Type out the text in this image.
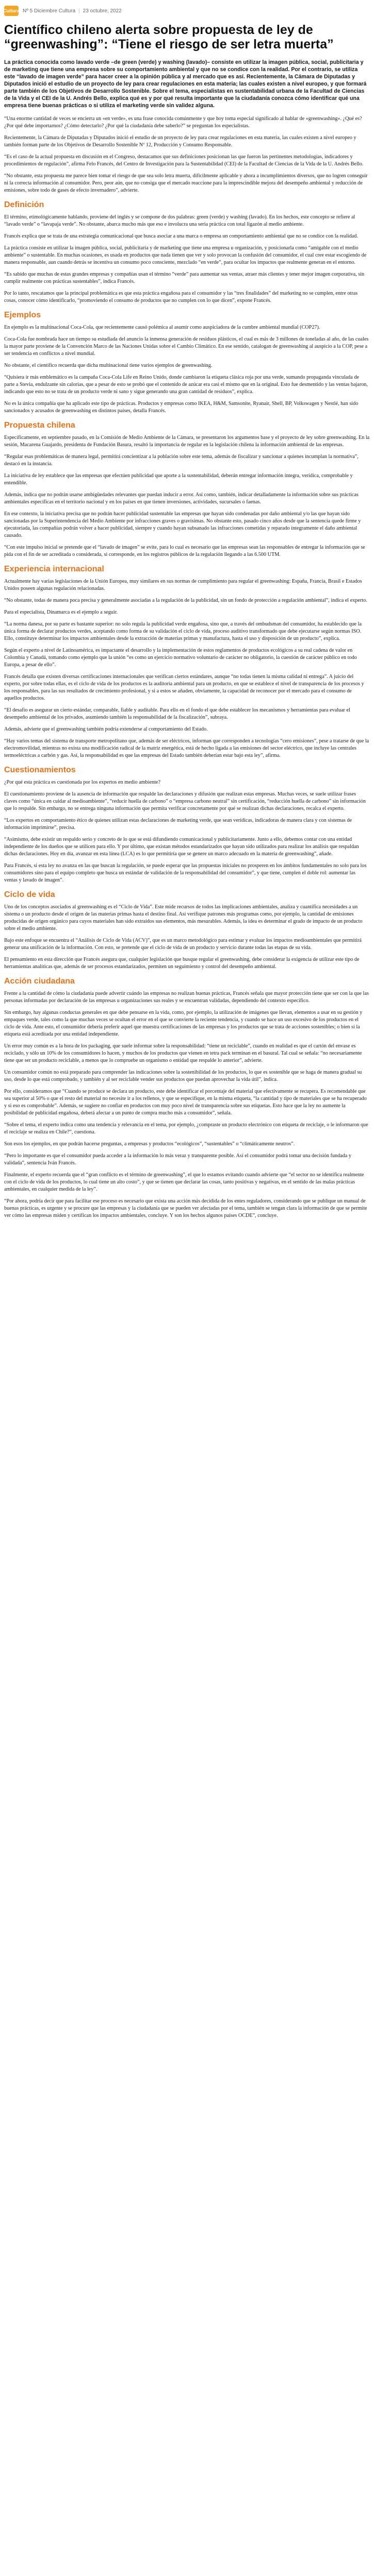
Cultura Nº 5 Diciembre Cultura | 23 octubre, 2022
Científico chileno alerta sobre propuesta de ley de “greenwashing”: “Tiene el riesgo de ser letra muerta”

La práctica conocida como lavado verde –de green (verde) y washing (lavado)– consiste en utilizar la imagen pública, social, publicitaria y de marketing que tiene una empresa sobre su comportamiento ambiental y que no se condice con la realidad. Por el contrario, se utiliza este “lavado de imagen verde” para hacer creer a la opinión pública y al mercado que es así. Recientemente, la Cámara de Diputadas y Diputados inició el estudio de un proyecto de ley para crear regulaciones en esta materia; las cuales existen a nivel europeo, y que formará parte también de los Objetivos de Desarrollo Sostenible. Sobre el tema, especialistas en sustentabilidad urbana de la Facultad de Ciencias de la Vida y el CEI de la U. Andrés Bello, explica qué es y por qué resulta importante que la ciudadanía conozca cómo identificar qué una empresa tiene buenas prácticas o si utiliza el marketing verde sin validez alguna.

“Una enorme cantidad de veces se encierra un «en verde», es una frase conocida comúnmente y que hoy toma especial significado al hablar de «greenwashing». ¿Qué es? ¿Por qué debe importarnos? ¿Cómo detectarlo? ¿Por qué la ciudadanía debe saberlo?” se preguntan los especialistas.

Recientemente, la Cámara de Diputadas y Diputados inició el estudio de un proyecto de ley para crear regulaciones en esta materia, las cuales existen a nivel europeo y también forman parte de los Objetivos de Desarrollo Sostenible Nº 12, Producción y Consumo Responsable.

“Es el caso de la actual propuesta en discusión en el Congreso, destacamos que sus definiciones posicionan las que fueron las pertinentes metodologías, indicadores y procedimientos de regulación”, afirma Felo Francés, del Centro de Investigación para la Sustentabilidad (CEI) de la Facultad de Ciencias de la Vida de la U. Andrés Bello.

“No obstante, esta propuesta me parece bien tomar el riesgo de que sea solo letra muerta, dificilmente aplicable y ahora a incumplimientos diversos, que no logren conseguir ni la correcta información al consumidor. Pero, peor aún, que no consiga que el mercado reaccione para la imprescindible mejora del desempeño ambiental y reducción de emisiones, sobre todo de gases de efecto invernadero”, advierte.

Definición

El término, etimológicamente hablando, proviene del inglés y se compone de dos palabras: green (verde) y washing (lavado). En los hechos, este concepto se refiere al “lavado verde” o “lavapaja verde”. No obstante, abarca mucho más que eso e involucra una seria práctica con total ligazón al medio ambiente.

Francés explica que se trata de una estrategia comunicacional que busca asociar a una marca o empresa un comportamiento ambiental que no se condice con la realidad.

La práctica consiste en utilizar la imagen pública, social, publicitaria y de marketing que tiene una empresa u organización, y posicionarla como “amigable con el medio ambiente” o sustentable. En muchas ocasiones, es usada en productos que nada tienen que ver y solo provocan la confusión del consumidor, el cual cree estar escogiendo de manera responsable, aun cuando detrás se incentiva un consumo poco consciente, mezclado “en verde”, para ocultar los impactos que realmente generan en el entorno.

“Es sabido que muchas de estas grandes empresas y compañías usan el término “verde” para aumentar sus ventas, atraer más clientes y tener mejor imagen corporativa, sin cumplir realmente con prácticas sustentables”, indica Francés.

Por lo tanto, rescatamos que la principal problemática es que esta práctica engañosa para el consumidor y las “tres finalidades” del marketing no se cumplen, entre otras cosas, conocer cómo identificarlo, “promoviendo el consumo de productos que no cumplen con lo que dicen”, expone Francés.

Ejemplos

En ejemplo es la multinacional Coca-Cola, que recientemente causó polémica al asumir como auspiciadora de la cumbre ambiental mundial (COP27).

Coca-Cola fue nombrada hace un tiempo su estudiada del anuncio la inmensa generación de residuos plásticos, el cual es más de 3 millones de toneladas al año, de las cuales la mayor parte proviene de la Convención Marco de las Naciones Unidas sobre el Cambio Climático. En ese sentido, catalogan de greenwashing al auspicio a la COP, pese a ser tendencia en conflictos a nivel mundial.

No obstante, el científico recuerda que dicha multinacional tiene varios ejemplos de greenwashing.

“Quisiera ir más emblemático es la campaña Coca-Cola Life en Reino Unido, donde cambiaron la etiqueta clásica roja por una verde, sumando propaganda vinculada de parte a Stevia, endulzante sin calorías, que a pesar de esto se probó que el contenido de azúcar era casi el mismo que en la original. Esto fue desmentido y las ventas bajaron, indicando que esto no se trata de un producto verde ni sano y sigue generando una gran cantidad de residuos”, explica.

No es la única compañía que ha aplicado este tipo de prácticas. Productos y empresas como IKEA, H&M, Samsonite, Ryanair, Shell, BP, Volkswagen y Nestlé, han sido sancionados y acusados de greenwashing en distintos países, detalla Francés.

Propuesta chilena

Específicamente, en septiembre pasado, en la Comisión de Medio Ambiente de la Cámara, se presentaron los argumentos base y el proyecto de ley sobre greenwashing. En la sesión, Macarena Guajardo, presidenta de Fundación Basura, resaltó la importancia de regular en la legislación chilena la información ambiental de las empresas.

“Regular esas problemáticas de manera legal, permitirá concientizar a la población sobre este tema, además de fiscalizar y sancionar a quienes incumplan la normativa”, destacó en la instancia.

La iniciativa de ley establece que las empresas que efectúen publicidad que aporte a la sustentabilidad, deberán entregar información íntegra, verídica, comprobable y entendible.

Además, indica que no podrán usarse ambigüedades relevantes que puedan inducir a error. Así como, también, indicar detalladamente la información sobre sus prácticas ambientales específicas en el territorio nacional y en los países en que tienen inversiones, actividades, sucursales o faenas.

En ese contexto, la iniciativa precisa que no podrán hacer publicidad sustentable las empresas que hayan sido condenadas por daño ambiental y/o las que hayan sido sancionadas por la Superintendencia del Medio Ambiente por infracciones graves o gravísimas. No obstante esto, pasado cinco años desde que la sentencia quede firme y ejecutoriada, las compañías podrán volver a hacer publicidad, siempre y cuando hayan subsanado las infracciones cometidas y reparado íntegramente el daño ambiental causado.

“Con este impulso inicial se pretende que el “lavado de imagen” se evite, para lo cual es necesario que las empresas sean las responsables de entregar la información que se pida con el fin de ser acreditada o considerada, si corresponde, en los registros públicos de la regulación llegando a las 6.500 UTM.

Experiencia internacional

Actualmente hay varias legislaciones de la Unión Europea, muy similares en sus normas de cumplimiento para regular el greenwashing: España, Francia, Brasil e Estados Unidos poseen algunas regulación relacionadas.

“No obstante, todas de manera poca precisa y generalmente asociadas a la regulación de la publicidad, sin un fondo de protección a regulación ambiental”, indica el experto.

Para el especialista, Dinamarca es el ejemplo a seguir.

“La norma danesa, por su parte es bastante superior: no solo regula la publicidad verde engañosa, sino que, a través del ombudsman del consumidor, ha establecido que la única forma de declarar productos verdes, aceptando como forma de su validación el ciclo de vida, proceso auditivo transformado que debe ejecutarse según normas ISO. Ello, constituye determinar los impactos ambientales desde la extracción de materias primas y manufactura, hasta el uso y disposición de un producto”, explica.

Según el experto a nivel de Latinoamérica, es impactante el desarrollo y la implementación de estos reglamentos de productos ecológicos a su real cadena de valor en Colombia y Canadá, tomando como ejemplo que la unión “es como un ejercicio normativo voluntario de carácter no obligatorio, la cuestión de carácter público en todo Europa, a pesar de ello”.

Francés detalla que existen diversas certificaciones internacionales que verifican ciertos estándares, aunque “no todas tienen la misma calidad ni entrega”. A juicio del experto, por sobre todas ellas, es el ciclo de vida de los productos es la auditoria ambiental para un producto, en que se establece el nivel de transparencia de los procesos y los responsables, para las sus resultados de crecimiento profesional, y si a estos se añaden, obviamente, la capacidad de reconocer por el mercado para el consumo de aquellos productos.

“El desafío es asegurar un cierto estándar, comparable, fiable y auditable. Para ello en el fondo el que debe establecer los mecanismos y herramientas para evaluar el desempeño ambiental de los privados, asumiendo también la responsabilidad de la fiscalización”, subraya.

Además, advierte que el greenwashing también podría extenderse al comportamiento del Estado.

“Hay varios temas del sistema de transporte metropolitano que, además de ser eléctricos, informan que corresponden a tecnologías “cero emisiones”, pese a tratarse de que la electromovilidad, mientras no exista una modificación radical de la matriz energética, está de hecho ligada a las emisiones del sector eléctrico, que incluye las centrales termoeléctricas a carbón y gas. Así, la responsabilidad es que las empresas del Estado también deberían estar bajo esta ley”, afirma.

Cuestionamientos

¿Por qué esta práctica es cuestionada por los expertos en medio ambiente?

El cuestionamiento proviene de la ausencia de información que respalde las declaraciones y difusión que realizan estas empresas. Muchas veces, se suele utilizar frases claves como “única en cuidar al medioambiente”, “reducir huella de carbono” o “empresa carbono neutral” sin certificación, “reducción huella de carbono” sin información que lo respalde. Sin embargo, no se entrega ninguna información que permita verificar concretamente por qué se realizan dichas declaraciones, recalca el experto.

“Los expertos en comportamiento ético de quienes utilizan estas declaraciones de marketing verde, que sean verídicas, indicadoras de manera clara y con sistemas de información imprimirse”, precisa.

“Asimismo, debe existir un respaldo serio y concreto de lo que se está difundiendo comunicacional y publicitariamente. Junto a ello, debemos contar con una entidad independiente de los dueños que se utilicen para ello. Y por último, que existan métodos estandarizados que hayan sido utilizados para realizar los análisis que respaldan dichas declaraciones. Hoy en día, avanzar en esta línea (LCA) es lo que permitiría que se genere un marco adecuado en la materia de greenwashing”, añade.

Para Francés, si esta ley no avanza en las que buscan la regulación, se puede esperar que las propuestas iniciales no prosperen en los ámbitos fundamentales no solo para los consumidores sino para el equipo completo que busca un estándar de validación de la responsabilidad del consumidor”, y que tiene, cumplen el doble rol: aumentar las ventas y lavado de imagen”.

Ciclo de vida

Uno de los conceptos asociados al greenwashing es el “Ciclo de Vida”. Este mide recursos de todos las implicaciones ambientales, analiza y cuantifica necesidades a un sistema o un producto desde el origen de las materias primas hasta el destino final. Así verifique patrones más programas como, por ejemplo, la cantidad de emisiones producidas de origen orgánico para cuyos materiales han sido extraídos sus elementos, más mesurables. Además, la idea es determinar el grado de impacto de un producto sobre el medio ambiente.

Bajo este enfoque se encuentra el “Análisis de Ciclo de Vida (ACV)”, que es un marco metodológico para estimar y evaluar los impactos medioambientales que permitirá generar una unificación de la información. Con esto, se pretende que el ciclo de vida de un producto y servicio durante todas las etapas de su vida.

El pensamiento en esta dirección que Francés asegura que, cualquier legislación que busque regular el greenwashing, debe considerar la exigencia de utilizar este tipo de herramientas analíticas que, además de ser procesos estandarizados, permiten un seguimiento y control del desempeño ambiental.

Acción ciudadana

Frente a la cantidad de cómo la ciudadanía puede advertir cuándo las empresas no realizan buenas prácticas, Francés señala que mayor protección tiene que ser con la que las personas informadas por declaración de las empresas u organizaciones sus reales y se encuentran validadas, dependiendo del contexto específico.

Sin embargo, hay algunas conductas generales en que debe pensarse en la vida, como, por ejemplo, la utilización de imágenes que llevan, elementos a usar en su gestión y empaques verde, tales como la que muchas veces se ocultan el error en el que se convierte la reciente tendencia, y cuando se hace un uso excesivo de los productos en el ciclo de vida. Ante esto, el consumidor debería preferir aquel que muestra certificaciones de las empresas y los productos que se trata de acciones sostenibles; o bien si la etiqueta está acreditada por una entidad independiente.

Un error muy común es a la hora de los packaging, que suele informar sobre la responsabilidad: “tiene un reciclable”, cuando en realidad es que el cartón del envase es reciclado, y sólo un 10% de los consumidores lo hacen, y muchos de los productos que vienen en tetra pack terminan en el basural. Tal cual se señala: “no necesariamente tiene que ser un producto reciclable, a menos que lo compruebe un organismo o entidad que respalde lo anterior”, advierte.

Un consumidor común no está preparado para comprender las indicaciones sobre la sostenibilidad de los productos, lo que es sostenible que se haga de manera gradual su uso, desde lo que está comprobado, y también y al ser reciclable vender sus productos que puedan aprovechar la vida útil”, indica.

Por ello, consideramos que “Cuando se produce se declara un producto, este debe identificar el porcentaje del material que efectivamente se recupera. Es recomendable que sea superior al 50% o que el resto del material no necesite ir a los rellenos, y que se especifique, en la misma etiqueta, “la cantidad y tipo de materiales que se ha recuperado y si eso es comprobable”. Además, se sugiere no confiar en productos con muy poco nivel de transparencia sobre sus etiquetas. Esto hace que la ley no aumente la posibilidad de publicidad engañosa, deberá afectar a un punto de compra mucho más a consumidor”, señala.

“Sobre el tema, el experto indica como una tendencia y relevancia en el tema, por ejemplo, ¿compraste un producto electrónico con etiqueta de reciclaje, o le informaron que el reciclaje se realiza en Chile?”, cuestiona.

Son esos los ejemplos, en que podrán hacerse preguntas, a empresas y productos “ecológicos”, “sustentables” o “climáticamente neutros”.

“Pero lo importante es que el consumidor pueda acceder a la información lo más veraz y transparente posible. Así el consumidor podrá tomar una decisión fundada y validada”, sentencia Iván Francés.

Finalmente, el experto recuerda que el “gran conflicto es el término de greenwashing”, el que lo estamos evitando cuando advierte que “el sector no se identifica realmente con el ciclo de vida de los productos, lo cual tiene un alto costo”, y que se tienen que declarar las cosas, tanto positivas y negativas, en el sentido de las malas prácticas ambientales, en cualquier medida de la ley”.

“Por ahora, podría decir que para facilitar ese proceso es necesario que exista una acción más decidida de los entes reguladores, considerando que se publique un manual de buenas prácticas, es urgente y se procure que las empresas y la ciudadanía que se pueden ver afectadas por el tema, también se tengan clara la información de que se permite ver cómo las empresas miden y certifican los impactos ambientales, concluye. Y son los hechos algunos países OCDE”, concluye.
